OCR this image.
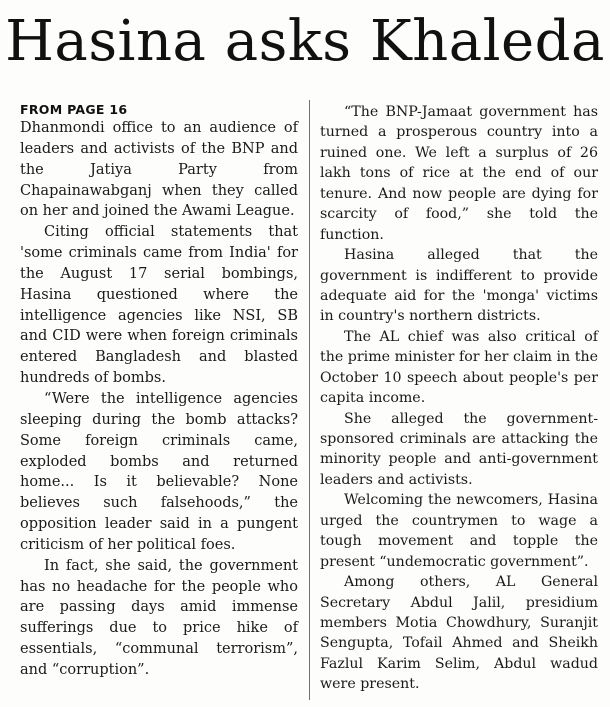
Hasina asks Khaleda
FROM PAGE 16

Dhanmondi office to an audience of leaders and activists of the BNP and the Jatiya Party from Chapainawabganj when they called on her and joined the Awami League.

Citing official statements that 'some criminals came from India' for the August 17 serial bombings, Hasina questioned where the intelligence agencies like NSI, SB and CID were when foreign criminals entered Bangladesh and blasted hundreds of bombs.

“Were the intelligence agencies sleeping during the bomb attacks? Some foreign criminals came, exploded bombs and returned home... Is it believable? None believes such falsehoods,” the opposition leader said in a pungent criticism of her political foes.

In fact, she said, the government has no headache for the people who are passing days amid immense sufferings due to price hike of essentials, “communal terrorism”, and “corruption”.

“The BNP-Jamaat government has turned a prosperous country into a ruined one. We left a surplus of 26 lakh tons of rice at the end of our tenure. And now people are dying for scarcity of food,” she told the function.

Hasina alleged that the government is indifferent to provide adequate aid for the 'monga' victims in country's northern districts.

The AL chief was also critical of the prime minister for her claim in the October 10 speech about people's per capita income.

She alleged the government-sponsored criminals are attacking the minority people and anti-government leaders and activists.

Welcoming the newcomers, Hasina urged the countrymen to wage a tough movement and topple the present “undemocratic government”.

Among others, AL General Secretary Abdul Jalil, presidium members Motia Chowdhury, Suranjit Sengupta, Tofail Ahmed and Sheikh Fazlul Karim Selim, Abdul wadud were present.
